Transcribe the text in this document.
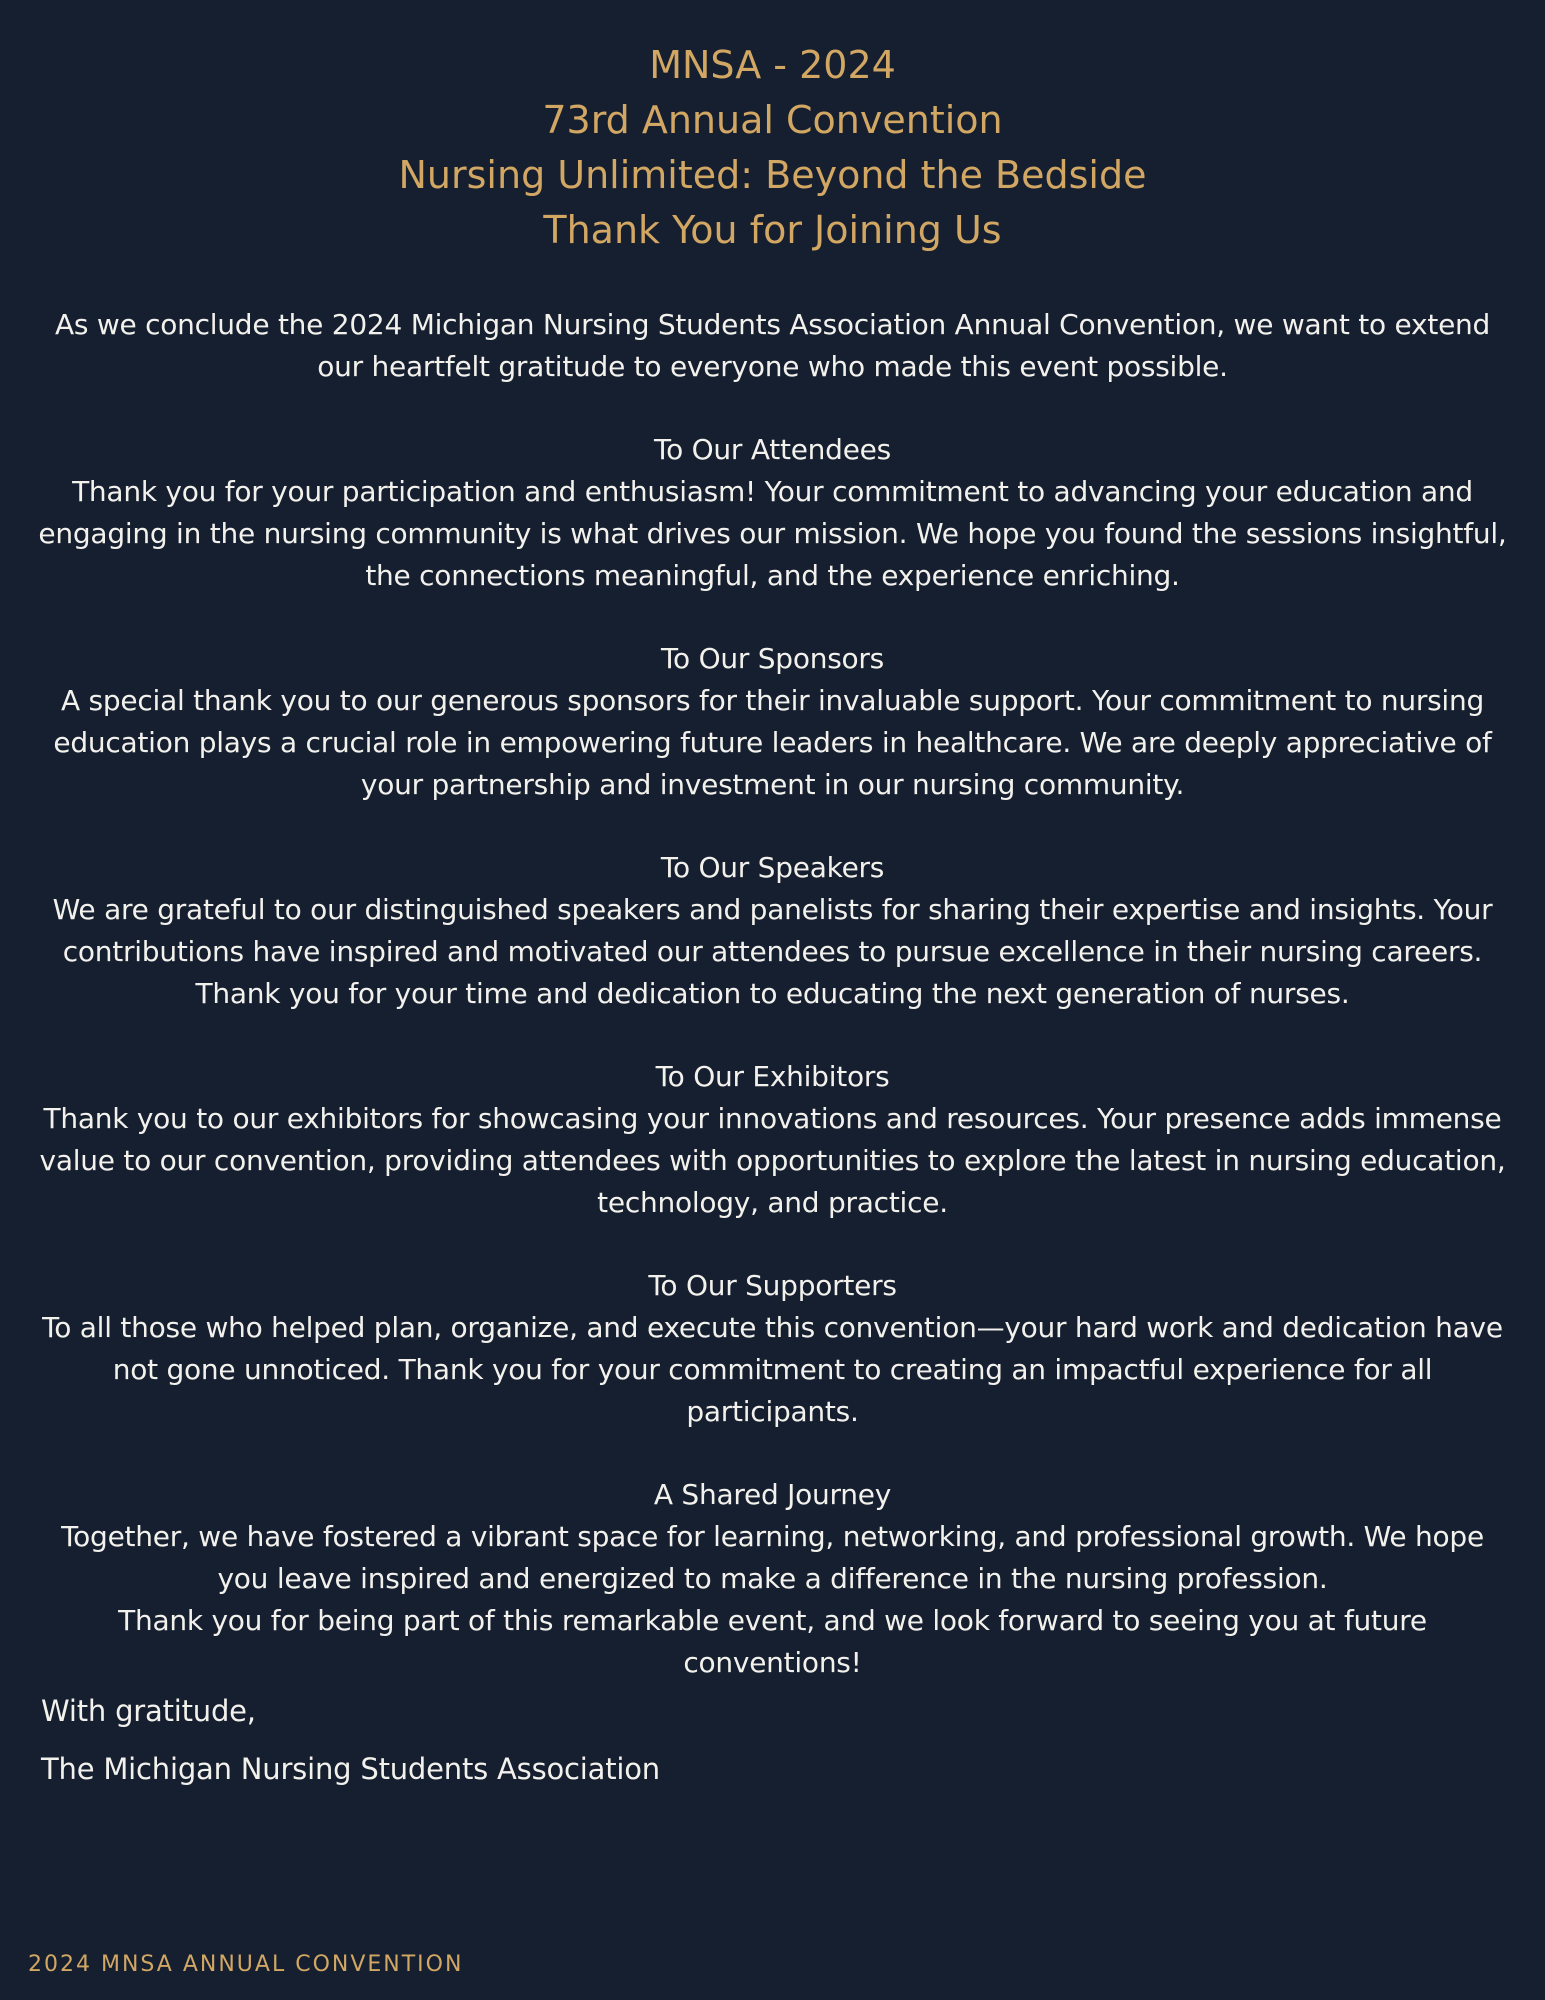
MNSA - 2024
73rd Annual Convention
Nursing Unlimited: Beyond the Bedside
Thank You for Joining Us

As we conclude the 2024 Michigan Nursing Students Association Annual Convention, we want to extend our heartfelt gratitude to everyone who made this event possible.

To Our Attendees

Thank you for your participation and enthusiasm! Your commitment to advancing your education and engaging in the nursing community is what drives our mission. We hope you found the sessions insightful, the connections meaningful, and the experience enriching.

To Our Sponsors

A special thank you to our generous sponsors for their invaluable support. Your commitment to nursing education plays a crucial role in empowering future leaders in healthcare. We are deeply appreciative of your partnership and investment in our nursing community.

To Our Speakers

We are grateful to our distinguished speakers and panelists for sharing their expertise and insights. Your contributions have inspired and motivated our attendees to pursue excellence in their nursing careers. Thank you for your time and dedication to educating the next generation of nurses.

To Our Exhibitors

Thank you to our exhibitors for showcasing your innovations and resources. Your presence adds immense value to our convention, providing attendees with opportunities to explore the latest in nursing education, technology, and practice.

To Our Supporters

To all those who helped plan, organize, and execute this convention—your hard work and dedication have not gone unnoticed. Thank you for your commitment to creating an impactful experience for all participants.

A Shared Journey

Together, we have fostered a vibrant space for learning, networking, and professional growth. We hope you leave inspired and energized to make a difference in the nursing profession.

Thank you for being part of this remarkable event, and we look forward to seeing you at future conventions!

With gratitude,
The Michigan Nursing Students Association
2024 MNSA ANNUAL CONVENTION
